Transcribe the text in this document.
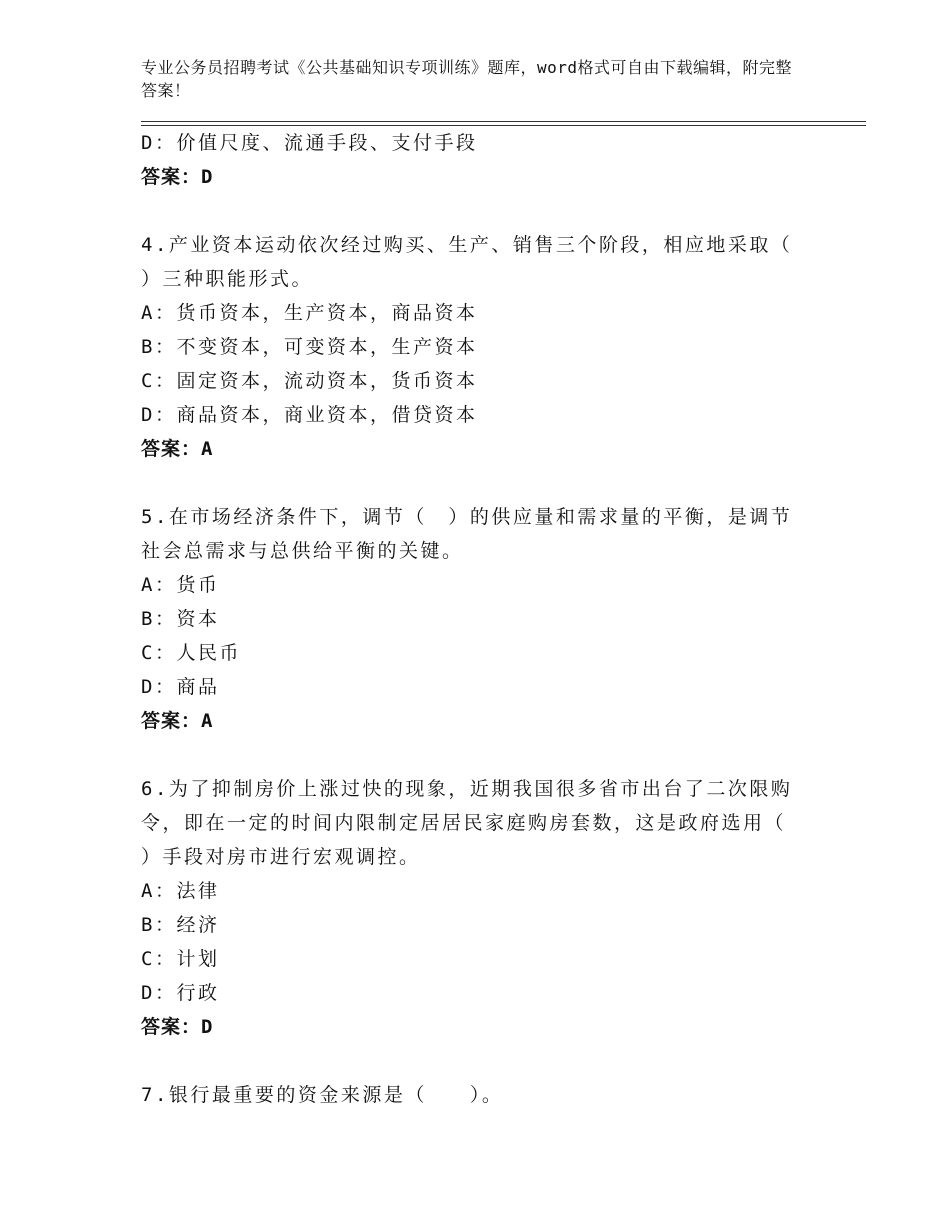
专业公务员招聘考试《公共基础知识专项训练》题库，word格式可自由下载编辑，附完整答案！
D：价值尺度、流通手段、支付手段
答案：D
4.产业资本运动依次经过购买、生产、销售三个阶段，相应地采取（
）三种职能形式。
A：货币资本，生产资本，商品资本
B：不变资本，可变资本，生产资本
C：固定资本，流动资本，货币资本
D：商品资本，商业资本，借贷资本
答案：A
5.在市场经济条件下，调节（　）的供应量和需求量的平衡，是调节
社会总需求与总供给平衡的关键。
A：货币
B：资本
C：人民币
D：商品
答案：A
6.为了抑制房价上涨过快的现象，近期我国很多省市出台了二次限购
令，即在一定的时间内限制定居居民家庭购房套数，这是政府选用（
）手段对房市进行宏观调控。
A：法律
B：经济
C：计划
D：行政
答案：D
7.银行最重要的资金来源是（　　）。
